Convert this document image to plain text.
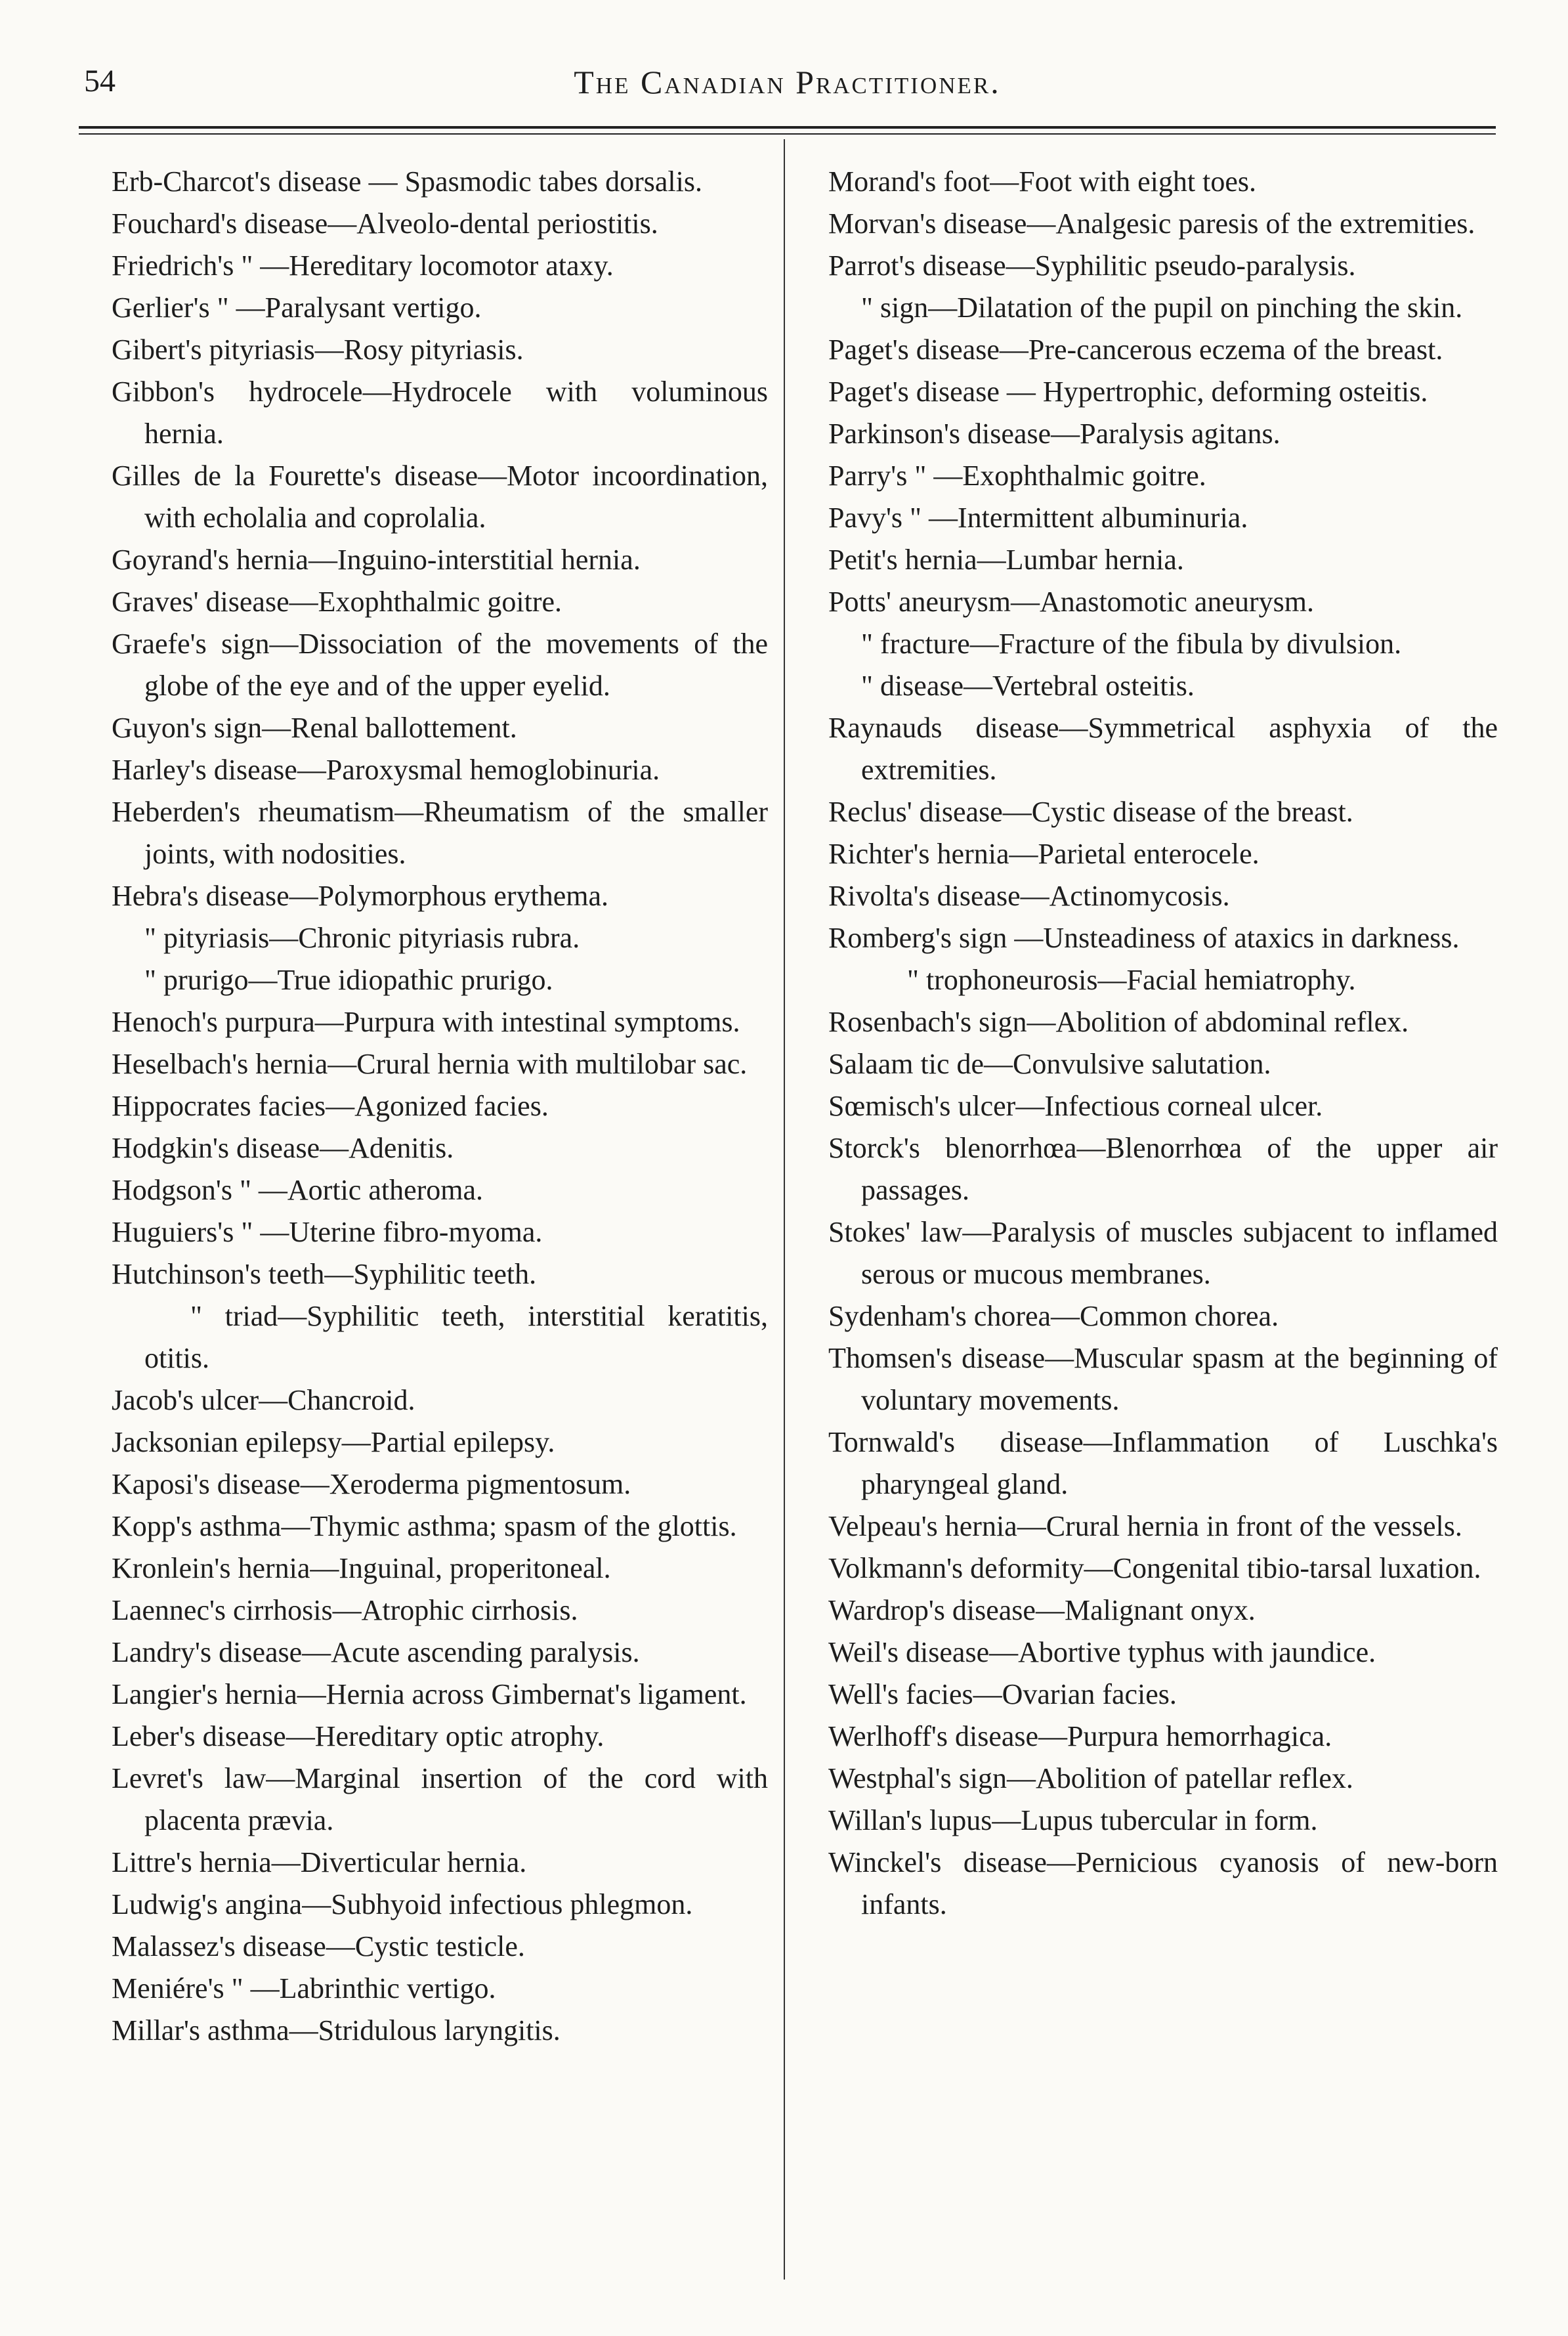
54	The Canadian Practitioner.

Erb-Charcot's disease — Spasmodic tabes dorsalis.

Fouchard's disease—Alveolo-dental periostitis.

Friedrich's " —Hereditary locomotor ataxy.

Gerlier's " —Paralysant vertigo.

Gibert's pityriasis—Rosy pityriasis.

Gibbon's hydrocele—Hydrocele with voluminous hernia.

Gilles de la Fourette's disease—Motor incoordination, with echolalia and coprolalia.

Goyrand's hernia—Inguino-interstitial hernia.

Graves' disease—Exophthalmic goitre.

Graefe's sign—Dissociation of the movements of the globe of the eye and of the upper eyelid.

Guyon's sign—Renal ballottement.

Harley's disease—Paroxysmal hemoglobinuria.

Heberden's rheumatism—Rheumatism of the smaller joints, with nodosities.

Hebra's disease—Polymorphous erythema.

" pityriasis—Chronic pityriasis rubra.

" prurigo—True idiopathic prurigo.

Henoch's purpura—Purpura with intestinal symptoms.

Heselbach's hernia—Crural hernia with multilobar sac.

Hippocrates facies—Agonized facies.

Hodgkin's disease—Adenitis.

Hodgson's " —Aortic atheroma.

Huguiers's " —Uterine fibro-myoma.

Hutchinson's teeth—Syphilitic teeth.

" triad—Syphilitic teeth, interstitial keratitis, otitis.

Jacob's ulcer—Chancroid.

Jacksonian epilepsy—Partial epilepsy.

Kaposi's disease—Xeroderma pigmentosum.

Kopp's asthma—Thymic asthma; spasm of the glottis.

Kronlein's hernia—Inguinal, properitoneal.

Laennec's cirrhosis—Atrophic cirrhosis.

Landry's disease—Acute ascending paralysis.

Langier's hernia—Hernia across Gimbernat's ligament.

Leber's disease—Hereditary optic atrophy.

Levret's law—Marginal insertion of the cord with placenta prævia.

Littre's hernia—Diverticular hernia.

Ludwig's angina—Subhyoid infectious phlegmon.

Malassez's disease—Cystic testicle.

Meniére's " —Labrinthic vertigo.

Millar's asthma—Stridulous laryngitis.

Morand's foot—Foot with eight toes.

Morvan's disease—Analgesic paresis of the extremities.

Parrot's disease—Syphilitic pseudo-paralysis.

" sign—Dilatation of the pupil on pinching the skin.

Paget's disease—Pre-cancerous eczema of the breast.

Paget's disease — Hypertrophic, deforming osteitis.

Parkinson's disease—Paralysis agitans.

Parry's " —Exophthalmic goitre.

Pavy's " —Intermittent albuminuria.

Petit's hernia—Lumbar hernia.

Potts' aneurysm—Anastomotic aneurysm.

" fracture—Fracture of the fibula by divulsion.

" disease—Vertebral osteitis.

Raynauds disease—Symmetrical asphyxia of the extremities.

Reclus' disease—Cystic disease of the breast.

Richter's hernia—Parietal enterocele.

Rivolta's disease—Actinomycosis.

Romberg's sign —Unsteadiness of ataxics in darkness.

" trophoneurosis—Facial hemiatrophy.

Rosenbach's sign—Abolition of abdominal reflex.

Salaam tic de—Convulsive salutation.

Sœmisch's ulcer—Infectious corneal ulcer.

Storck's blenorrhœa—Blenorrhœa of the upper air passages.

Stokes' law—Paralysis of muscles subjacent to inflamed serous or mucous membranes.

Sydenham's chorea—Common chorea.

Thomsen's disease—Muscular spasm at the beginning of voluntary movements.

Tornwald's disease—Inflammation of Luschka's pharyngeal gland.

Velpeau's hernia—Crural hernia in front of the vessels.

Volkmann's deformity—Congenital tibio-tarsal luxation.

Wardrop's disease—Malignant onyx.

Weil's disease—Abortive typhus with jaundice.

Well's facies—Ovarian facies.

Werlhoff's disease—Purpura hemorrhagica.

Westphal's sign—Abolition of patellar reflex.

Willan's lupus—Lupus tubercular in form.

Winckel's disease—Pernicious cyanosis of new-born infants.
